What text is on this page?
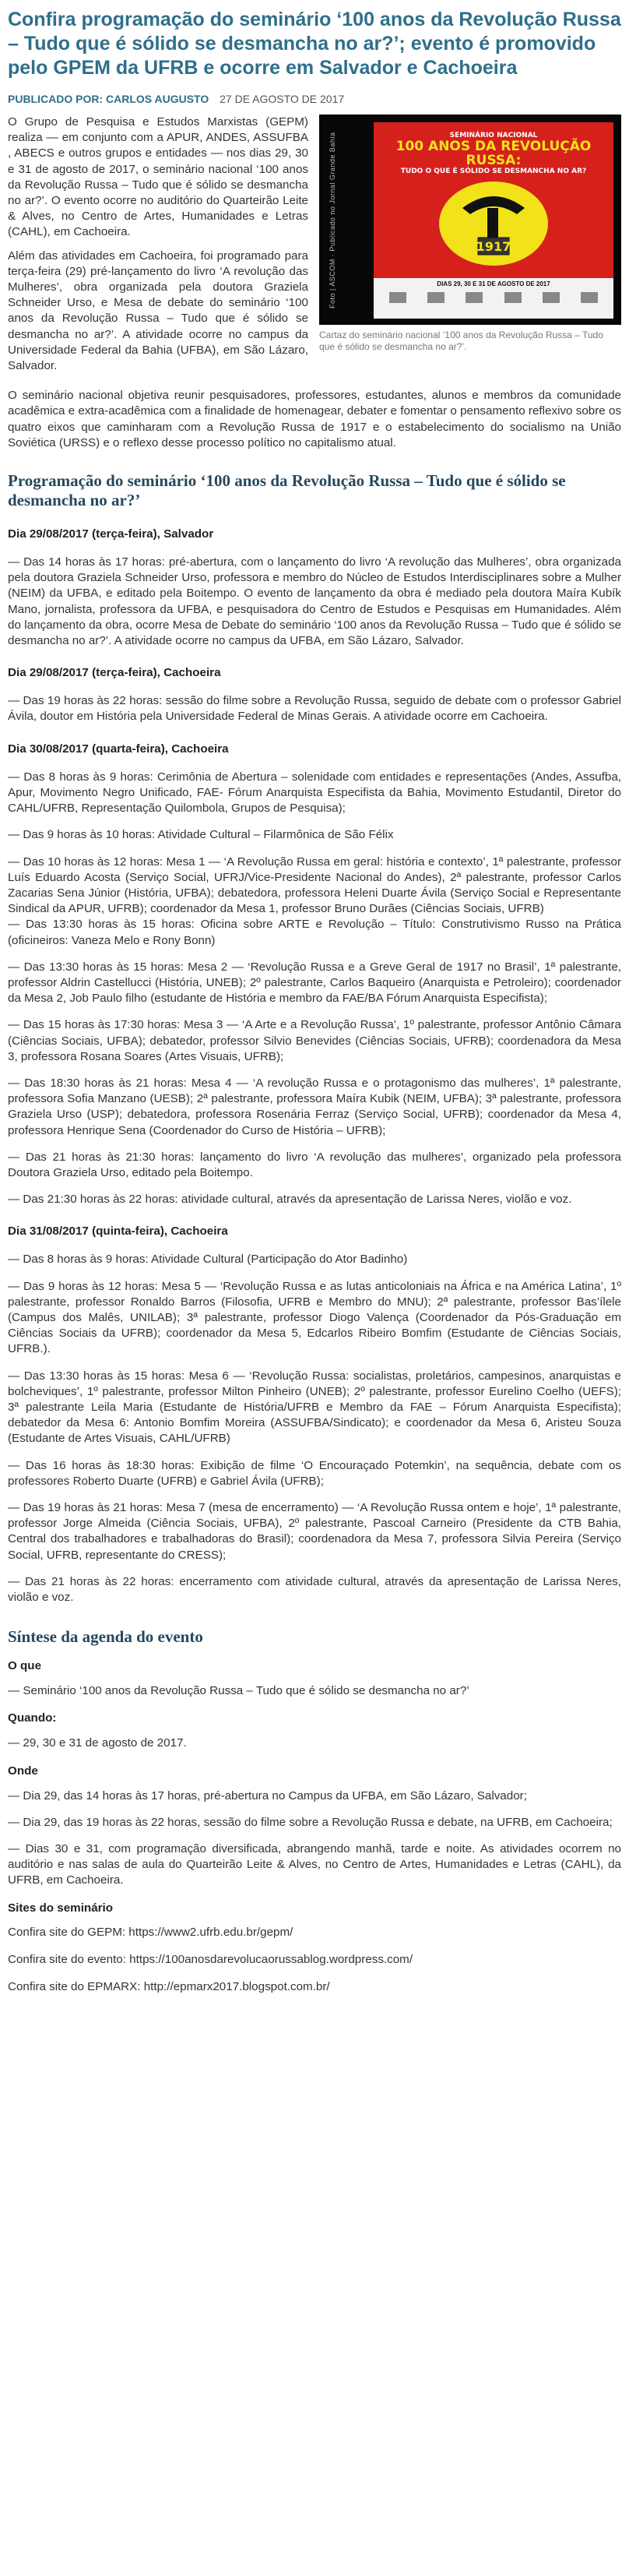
Confira programação do seminário ‘100 anos da Revolução Russa – Tudo que é sólido se desmancha no ar?’; evento é promovido pelo GPEM da UFRB e ocorre em Salvador e Cachoeira
PUBLICADO POR: CARLOS AUGUSTO 27 DE AGOSTO DE 2017
Foto | ASCOM · Publicado no Jornal Grande Bahia	SEMINÁRIO NACIONAL
100 ANOS DA REVOLUÇÃO RUSSA:
TUDO O QUE É SÓLIDO SE DESMANCHA NO AR?
1917
DIAS 29, 30 E 31 DE AGOSTO DE 2017
Cartaz do seminário nacional ‘100 anos da Revolução Russa – Tudo que é sólido se desmancha no ar?’.

O Grupo de Pesquisa e Estudos Marxistas (GEPM) realiza — em conjunto com a APUR, ANDES, ASSUFBA , ABECS e outros grupos e entidades — nos dias 29, 30 e 31 de agosto de 2017, o seminário nacional ‘100 anos da Revolução Russa – Tudo que é sólido se desmancha no ar?’. O evento ocorre no auditório do Quarteirão Leite & Alves, no Centro de Artes, Humanidades e Letras (CAHL), em Cachoeira.

Além das atividades em Cachoeira, foi programado para terça-feira (29) pré-lançamento do livro ‘A revolução das Mulheres’, obra organizada pela doutora Graziela Schneider Urso, e Mesa de debate do seminário ‘100 anos da Revolução Russa – Tudo que é sólido se desmancha no ar?’. A atividade ocorre no campus da Universidade Federal da Bahia (UFBA), em São Lázaro, Salvador.

O seminário nacional objetiva reunir pesquisadores, professores, estudantes, alunos e membros da comunidade acadêmica e extra-acadêmica com a finalidade de homenagear, debater e fomentar o pensamento reflexivo sobre os quatro eixos que caminharam com a Revolução Russa de 1917 e o estabelecimento do socialismo na União Soviética (URSS) e o reflexo desse processo político no capitalismo atual.

Programação do seminário ‘100 anos da Revolução Russa – Tudo que é sólido se desmancha no ar?’
Dia 29/08/2017 (terça-feira), Salvador
— Das 14 horas às 17 horas: pré-abertura, com o lançamento do livro ‘A revolução das Mulheres’, obra organizada pela doutora Graziela Schneider Urso, professora e membro do Núcleo de Estudos Interdisciplinares sobre a Mulher (NEIM) da UFBA, e editado pela Boitempo. O evento de lançamento da obra é mediado pela doutora Maíra Kubík Mano, jornalista, professora da UFBA, e pesquisadora do Centro de Estudos e Pesquisas em Humanidades. Além do lançamento da obra, ocorre Mesa de Debate do seminário ‘100 anos da Revolução Russa – Tudo que é sólido se desmancha no ar?’. A atividade ocorre no campus da UFBA, em São Lázaro, Salvador.
Dia 29/08/2017 (terça-feira), Cachoeira
— Das 19 horas às 22 horas: sessão do filme sobre a Revolução Russa, seguido de debate com o professor Gabriel Ávila, doutor em História pela Universidade Federal de Minas Gerais. A atividade ocorre em Cachoeira.
Dia 30/08/2017 (quarta-feira), Cachoeira
— Das 8 horas às 9 horas: Cerimônia de Abertura – solenidade com entidades e representações (Andes, Assufba, Apur, Movimento Negro Unificado, FAE- Fórum Anarquista Especifista da Bahia, Movimento Estudantil, Diretor do CAHL/UFRB, Representação Quilombola, Grupos de Pesquisa);
— Das 9 horas às 10 horas: Atividade Cultural – Filarmônica de São Félix
— Das 10 horas às 12 horas: Mesa 1 — ‘A Revolução Russa em geral: história e contexto’, 1ª palestrante, professor Luís Eduardo Acosta (Serviço Social, UFRJ/Vice-Presidente Nacional do Andes), 2ª palestrante, professor Carlos Zacarias Sena Júnior (História, UFBA); debatedora, professora Heleni Duarte Ávila (Serviço Social e Representante Sindical da APUR, UFRB); coordenador da Mesa 1, professor Bruno Durães (Ciências Sociais, UFRB)
— Das 13:30 horas às 15 horas: Oficina sobre ARTE e Revolução – Título: Construtivismo Russo na Prática (oficineiros: Vaneza Melo e Rony Bonn)
— Das 13:30 horas às 15 horas: Mesa 2 — ‘Revolução Russa e a Greve Geral de 1917 no Brasil’, 1ª palestrante, professor Aldrin Castellucci (História, UNEB); 2º palestrante, Carlos Baqueiro (Anarquista e Petroleiro); coordenador da Mesa 2, Job Paulo filho (estudante de História e membro da FAE/BA Fórum Anarquista Especifista);
— Das 15 horas às 17:30 horas: Mesa 3 — ‘A Arte e a Revolução Russa’, 1º palestrante, professor Antônio Câmara (Ciências Sociais, UFBA); debatedor, professor Silvio Benevides (Ciências Sociais, UFRB); coordenadora da Mesa 3, professora Rosana Soares (Artes Visuais, UFRB);
— Das 18:30 horas às 21 horas: Mesa 4 — ‘A revolução Russa e o protagonismo das mulheres’, 1ª palestrante, professora Sofia Manzano (UESB); 2ª palestrante, professora Maíra Kubik (NEIM, UFBA); 3ª palestrante, professora Graziela Urso (USP); debatedora, professora Rosenária Ferraz (Serviço Social, UFRB); coordenador da Mesa 4, professora Henrique Sena (Coordenador do Curso de História – UFRB);
— Das 21 horas às 21:30 horas: lançamento do livro ‘A revolução das mulheres’, organizado pela professora Doutora Graziela Urso, editado pela Boitempo.
— Das 21:30 horas às 22 horas: atividade cultural, através da apresentação de Larissa Neres, violão e voz.
Dia 31/08/2017 (quinta-feira), Cachoeira
— Das 8 horas às 9 horas: Atividade Cultural (Participação do Ator Badinho)
— Das 9 horas às 12 horas: Mesa 5 — ‘Revolução Russa e as lutas anticoloniais na África e na América Latina’, 1º palestrante, professor Ronaldo Barros (Filosofia, UFRB e Membro do MNU); 2ª palestrante, professor Bas’ílele (Campus dos Malês, UNILAB); 3ª palestrante, professor Diogo Valença (Coordenador da Pós-Graduação em Ciências Sociais da UFRB); coordenador da Mesa 5, Edcarlos Ribeiro Bomfim (Estudante de Ciências Sociais, UFRB.).
— Das 13:30 horas às 15 horas: Mesa 6 — ‘Revolução Russa: socialistas, proletários, campesinos, anarquistas e bolcheviques’, 1º palestrante, professor Milton Pinheiro (UNEB); 2º palestrante, professor Eurelino Coelho (UEFS); 3ª palestrante Leila Maria (Estudante de História/UFRB e Membro da FAE – Fórum Anarquista Especifista); debatedor da Mesa 6: Antonio Bomfim Moreira (ASSUFBA/Sindicato); e coordenador da Mesa 6, Aristeu Souza (Estudante de Artes Visuais, CAHL/UFRB)
— Das 16 horas às 18:30 horas: Exibição de filme ‘O Encouraçado Potemkin’, na sequência, debate com os professores Roberto Duarte (UFRB) e Gabriel Ávila (UFRB);
— Das 19 horas às 21 horas: Mesa 7 (mesa de encerramento) — ‘A Revolução Russa ontem e hoje’, 1ª palestrante, professor Jorge Almeida (Ciência Sociais, UFBA), 2º palestrante, Pascoal Carneiro (Presidente da CTB Bahia, Central dos trabalhadores e trabalhadoras do Brasil); coordenadora da Mesa 7, professora Silvia Pereira (Serviço Social, UFRB, representante do CRESS);
— Das 21 horas às 22 horas: encerramento com atividade cultural, através da apresentação de Larissa Neres, violão e voz.
Síntese da agenda do evento
O que
— Seminário ‘100 anos da Revolução Russa – Tudo que é sólido se desmancha no ar?’
Quando:
— 29, 30 e 31 de agosto de 2017.
Onde
— Dia 29, das 14 horas às 17 horas, pré-abertura no Campus da UFBA, em São Lázaro, Salvador;
— Dia 29, das 19 horas às 22 horas, sessão do filme sobre a Revolução Russa e debate, na UFRB, em Cachoeira;
— Dias 30 e 31, com programação diversificada, abrangendo manhã, tarde e noite. As atividades ocorrem no auditório e nas salas de aula do Quarteirão Leite & Alves, no Centro de Artes, Humanidades e Letras (CAHL), da UFRB, em Cachoeira.
Sites do seminário
Confira site do GEPM: https://www2.ufrb.edu.br/gepm/
Confira site do evento: https://100anosdarevolucaorussablog.wordpress.com/
Confira site do EPMARX: http://epmarx2017.blogspot.com.br/
